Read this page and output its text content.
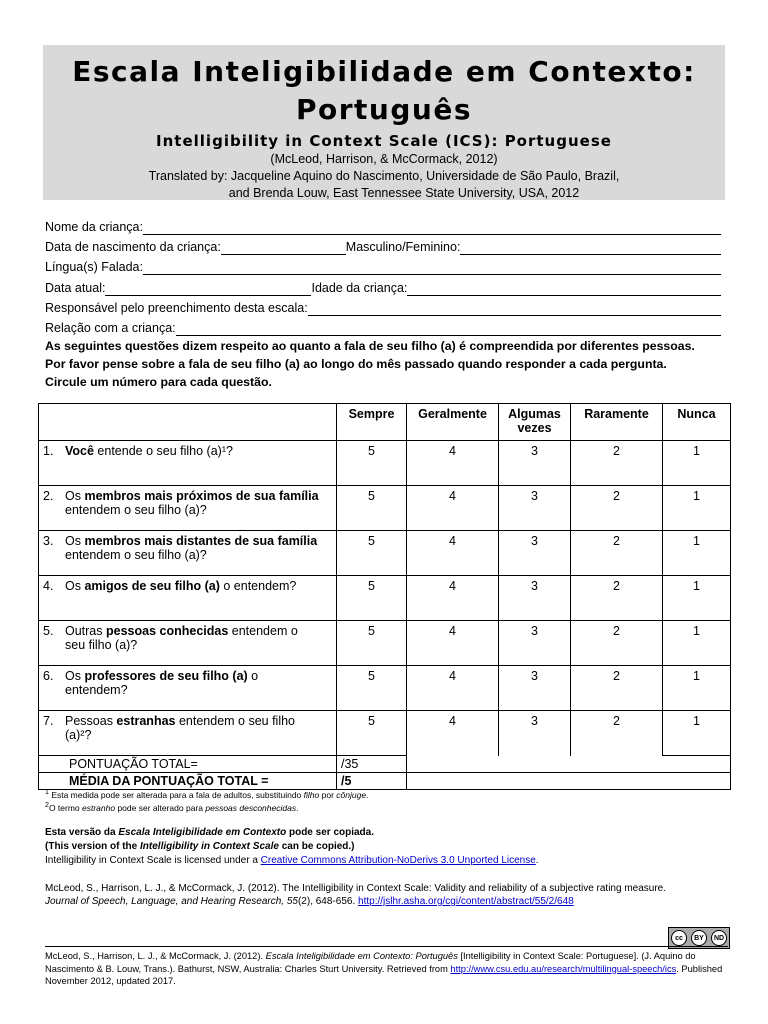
Escala Inteligibilidade em Contexto:
Português
Intelligibility in Context Scale (ICS): Portuguese
(McLeod, Harrison, & McCormack, 2012)
Translated by: Jacqueline Aquino do Nascimento, Universidade de São Paulo, Brazil,
and Brenda Louw, East Tennessee State University, USA, 2012
Nome da criança:
Data de nascimento da criança:	Masculino/Feminino:
Língua(s) Falada:
Data atual:	Idade da criança:
Responsável pelo preenchimento desta escala:
Relação com a criança:
As seguintes questões dizem respeito ao quanto a fala de seu filho (a) é compreendida por diferentes pessoas.
Por favor pense sobre a fala de seu filho (a) ao longo do mês passado quando responder a cada pergunta.
Circule um número para cada questão.
	Sempre	Geralmente	Algumas vezes	Raramente	Nunca
1. Você entende o seu filho (a)¹?	5	4	3	2	1
2. Os membros mais próximos de sua família entendem o seu filho (a)?	5	4	3	2	1
3. Os membros mais distantes de sua família entendem o seu filho (a)?	5	4	3	2	1
4. Os amigos de seu filho (a) o entendem?	5	4	3	2	1
5. Outras pessoas conhecidas entendem o seu filho (a)?	5	4	3	2	1
6. Os professores de seu filho (a) o entendem?	5	4	3	2	1
7. Pessoas estranhas entendem o seu filho (a)²?	5	4	3	2	1
PONTUAÇÃO TOTAL=	/35				
MÉDIA DA PONTUAÇÃO TOTAL =	/5				
$^1$ Esta medida pode ser alterada para a fala de adultos, substituindo filho por cônjuge.
$^2$O termo estranho pode ser alterado para pessoas desconhecidas.
Esta versão da Escala Inteligibilidade em Contexto pode ser copiada.
(This version of the Intelligibility in Context Scale can be copied.)
Intelligibility in Context Scale is licensed under a Creative Commons Attribution-NoDerivs 3.0 Unported License.
McLeod, S., Harrison, L. J., & McCormack, J. (2012). The Intelligibility in Context Scale: Validity and reliability of a subjective rating measure.
Journal of Speech, Language, and Hearing Research, 55(2), 648-656. http://jslhr.asha.org/cgi/content/abstract/55/2/648
cc	BY	ND
McLeod, S., Harrison, L. J., & McCormack, J. (2012). Escala Inteligibilidade em Contexto: Português [Intelligibility in Context Scale: Portuguese]. (J. Aquino do Nascimento & B. Louw, Trans.). Bathurst, NSW, Australia: Charles Sturt University. Retrieved from http://www.csu.edu.au/research/multilingual-speech/ics. Published November 2012, updated 2017.
